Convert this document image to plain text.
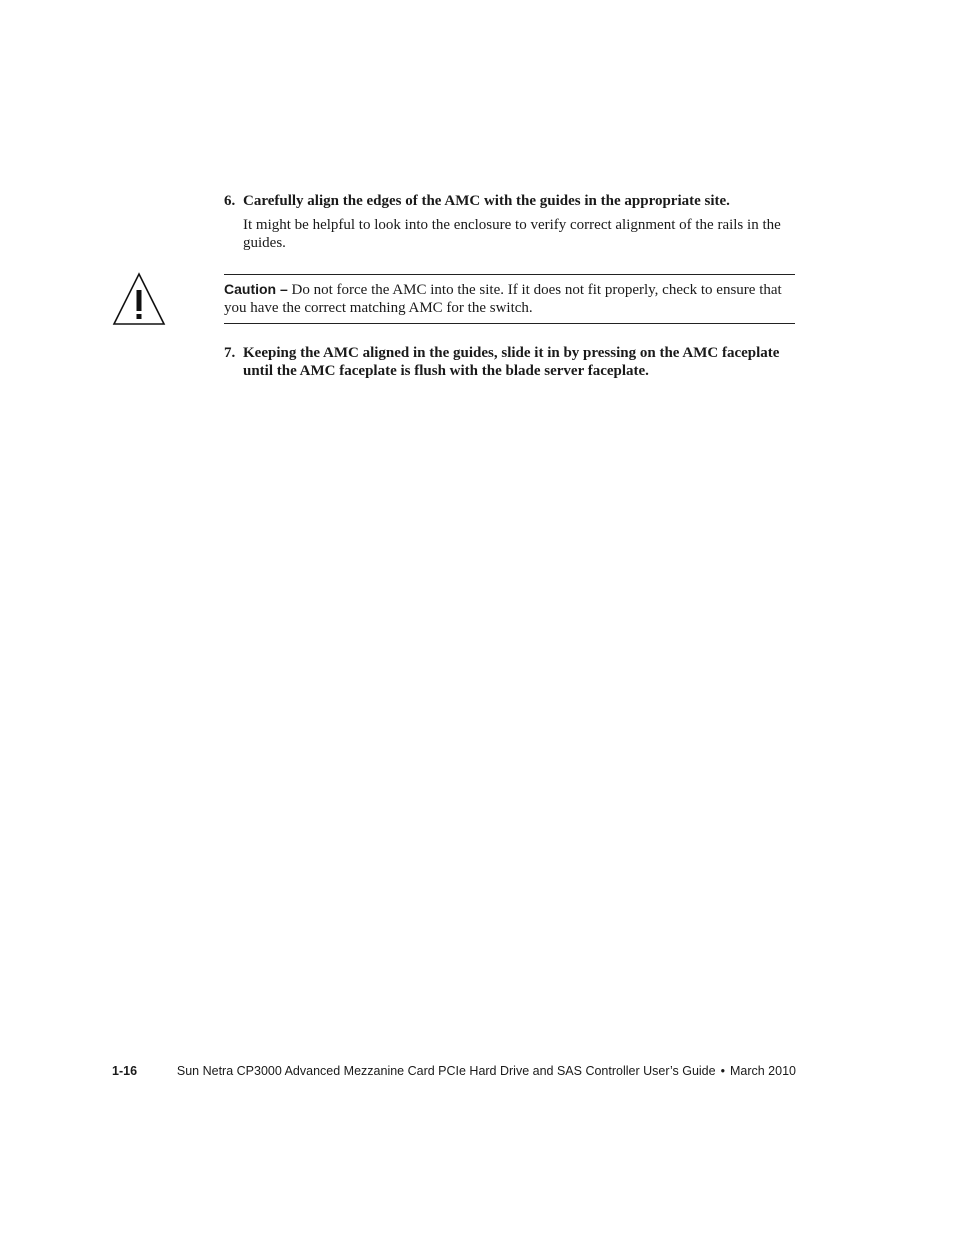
6. Carefully align the edges of the AMC with the guides in the appropriate site.
It might be helpful to look into the enclosure to verify correct alignment of the rails in the guides.
Caution – Do not force the AMC into the site. If it does not fit properly, check to ensure that you have the correct matching AMC for the switch.
7. Keeping the AMC aligned in the guides, slide it in by pressing on the AMC faceplate until the AMC faceplate is flush with the blade server faceplate.
1-16	Sun Netra CP3000 Advanced Mezzanine Card PCIe Hard Drive and SAS Controller User’s Guide • March 2010
